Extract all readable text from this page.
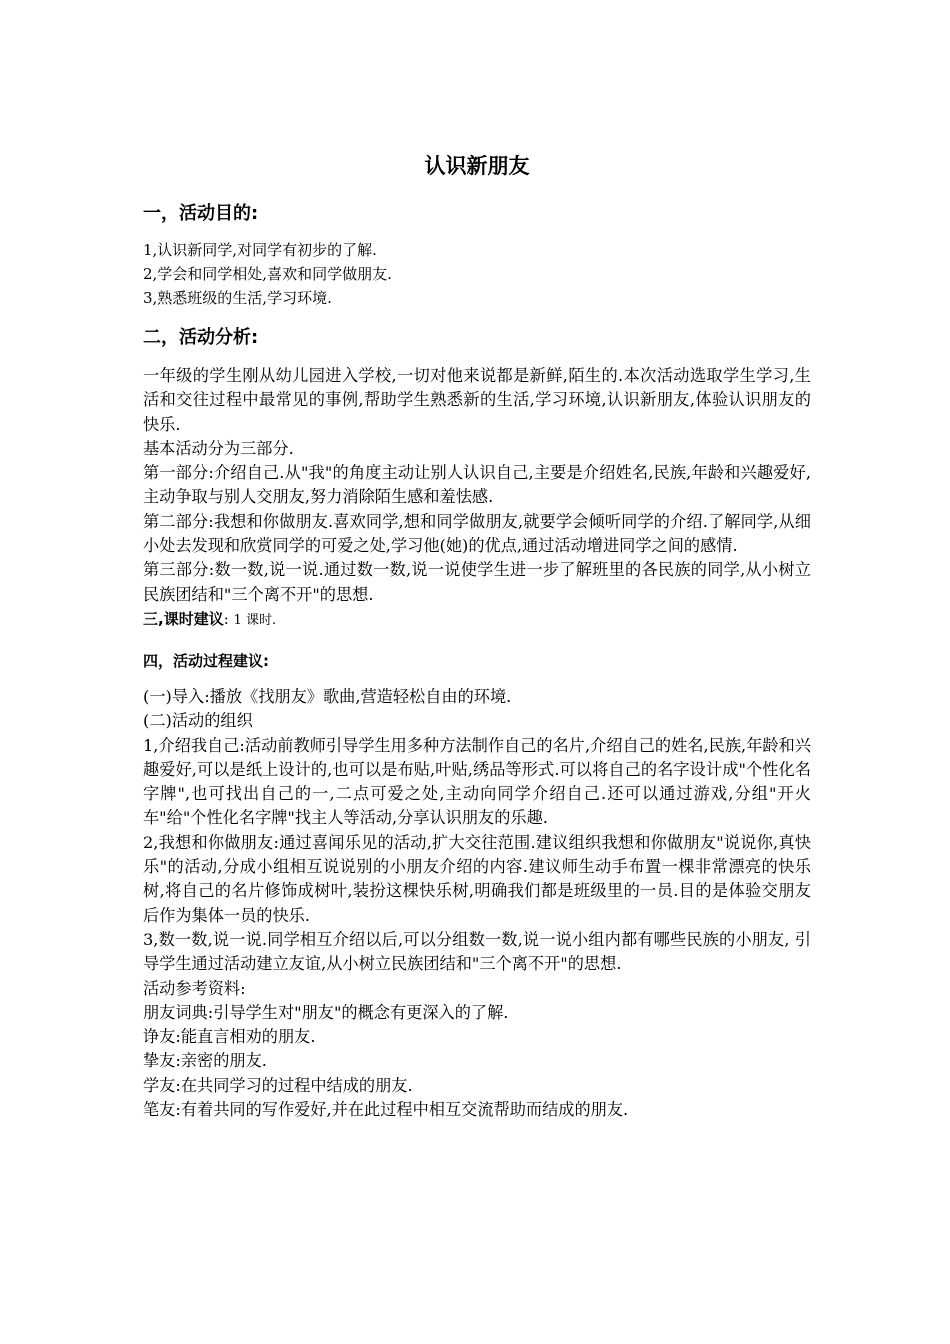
认识新朋友
一，活动目的:

1,认识新同学,对同学有初步的了解.

2,学会和同学相处,喜欢和同学做朋友.

3,熟悉班级的生活,学习环境.

二，活动分析:

一年级的学生刚从幼儿园进入学校,一切对他来说都是新鲜,陌生的.本次活动选取学生学习,生活和交往过程中最常见的事例,帮助学生熟悉新的生活,学习环境,认识新朋友,体验认识朋友的快乐.

基本活动分为三部分.

第一部分:介绍自己.从"我"的角度主动让别人认识自己,主要是介绍姓名,民族,年龄和兴趣爱好,主动争取与别人交朋友,努力消除陌生感和羞怯感.

第二部分:我想和你做朋友.喜欢同学,想和同学做朋友,就要学会倾听同学的介绍.了解同学,从细小处去发现和欣赏同学的可爱之处,学习他(她)的优点,通过活动增进同学之间的感情.

第三部分:数一数,说一说.通过数一数,说一说使学生进一步了解班里的各民族的同学,从小树立民族团结和"三个离不开"的思想.

三,课时建议: 1 课时.

四，活动过程建议:

(一)导入:播放《找朋友》歌曲,营造轻松自由的环境.

(二)活动的组织

1,介绍我自己:活动前教师引导学生用多种方法制作自己的名片,介绍自己的姓名,民族,年龄和兴趣爱好,可以是纸上设计的,也可以是布贴,叶贴,绣品等形式.可以将自己的名字设计成"个性化名字牌",也可找出自己的一,二点可爱之处,主动向同学介绍自己.还可以通过游戏,分组"开火车"给"个性化名字牌"找主人等活动,分享认识朋友的乐趣.

2,我想和你做朋友:通过喜闻乐见的活动,扩大交往范围.建议组织我想和你做朋友"说说你,真快乐"的活动,分成小组相互说说别的小朋友介绍的内容.建议师生动手布置一棵非常漂亮的快乐树,将自己的名片修饰成树叶,装扮这棵快乐树,明确我们都是班级里的一员.目的是体验交朋友后作为集体一员的快乐.

3,数一数,说一说.同学相互介绍以后,可以分组数一数,说一说小组内都有哪些民族的小朋友, 引导学生通过活动建立友谊,从小树立民族团结和"三个离不开"的思想.

活动参考资料:

朋友词典:引导学生对"朋友"的概念有更深入的了解.

诤友:能直言相劝的朋友.

挚友:亲密的朋友.

学友:在共同学习的过程中结成的朋友.

笔友:有着共同的写作爱好,并在此过程中相互交流帮助而结成的朋友.
